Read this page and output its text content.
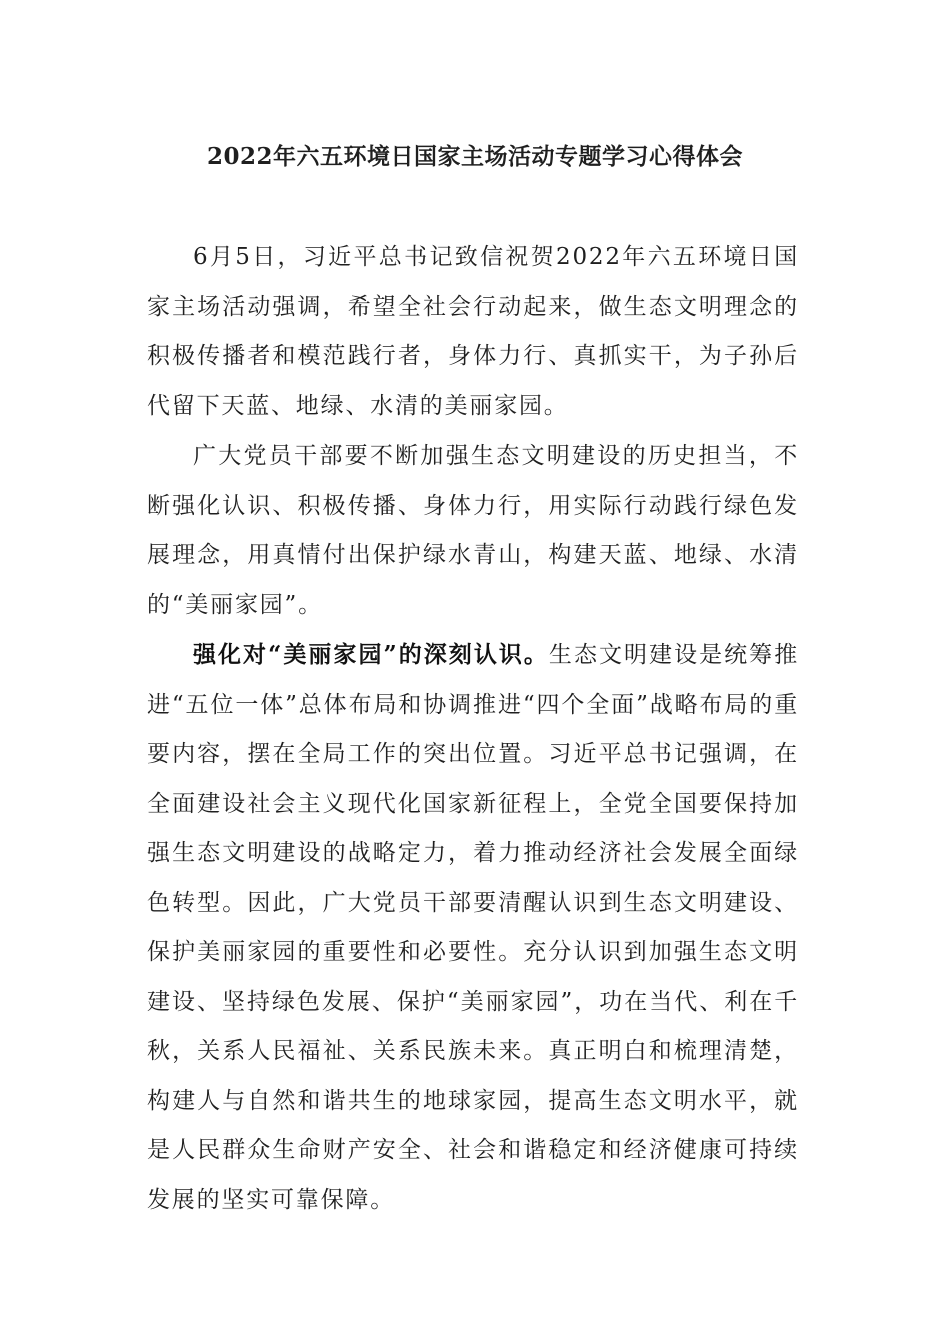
2022年六五环境日国家主场活动专题学习心得体会

6月5日，习近平总书记致信祝贺2022年六五环境日国家主场活动强调，希望全社会行动起来，做生态文明理念的积极传播者和模范践行者，身体力行、真抓实干，为子孙后代留下天蓝、地绿、水清的美丽家园。

广大党员干部要不断加强生态文明建设的历史担当，不断强化认识、积极传播、身体力行，用实际行动践行绿色发展理念，用真情付出保护绿水青山，构建天蓝、地绿、水清的“美丽家园”。

强化对“美丽家园”的深刻认识。生态文明建设是统筹推进“五位一体”总体布局和协调推进“四个全面”战略布局的重要内容，摆在全局工作的突出位置。习近平总书记强调，在全面建设社会主义现代化国家新征程上，全党全国要保持加强生态文明建设的战略定力，着力推动经济社会发展全面绿色转型。因此，广大党员干部要清醒认识到生态文明建设、保护美丽家园的重要性和必要性。充分认识到加强生态文明建设、坚持绿色发展、保护“美丽家园”，功在当代、利在千秋，关系人民福祉、关系民族未来。真正明白和梳理清楚，构建人与自然和谐共生的地球家园，提高生态文明水平，就是人民群众生命财产安全、社会和谐稳定和经济健康可持续发展的坚实可靠保障。
